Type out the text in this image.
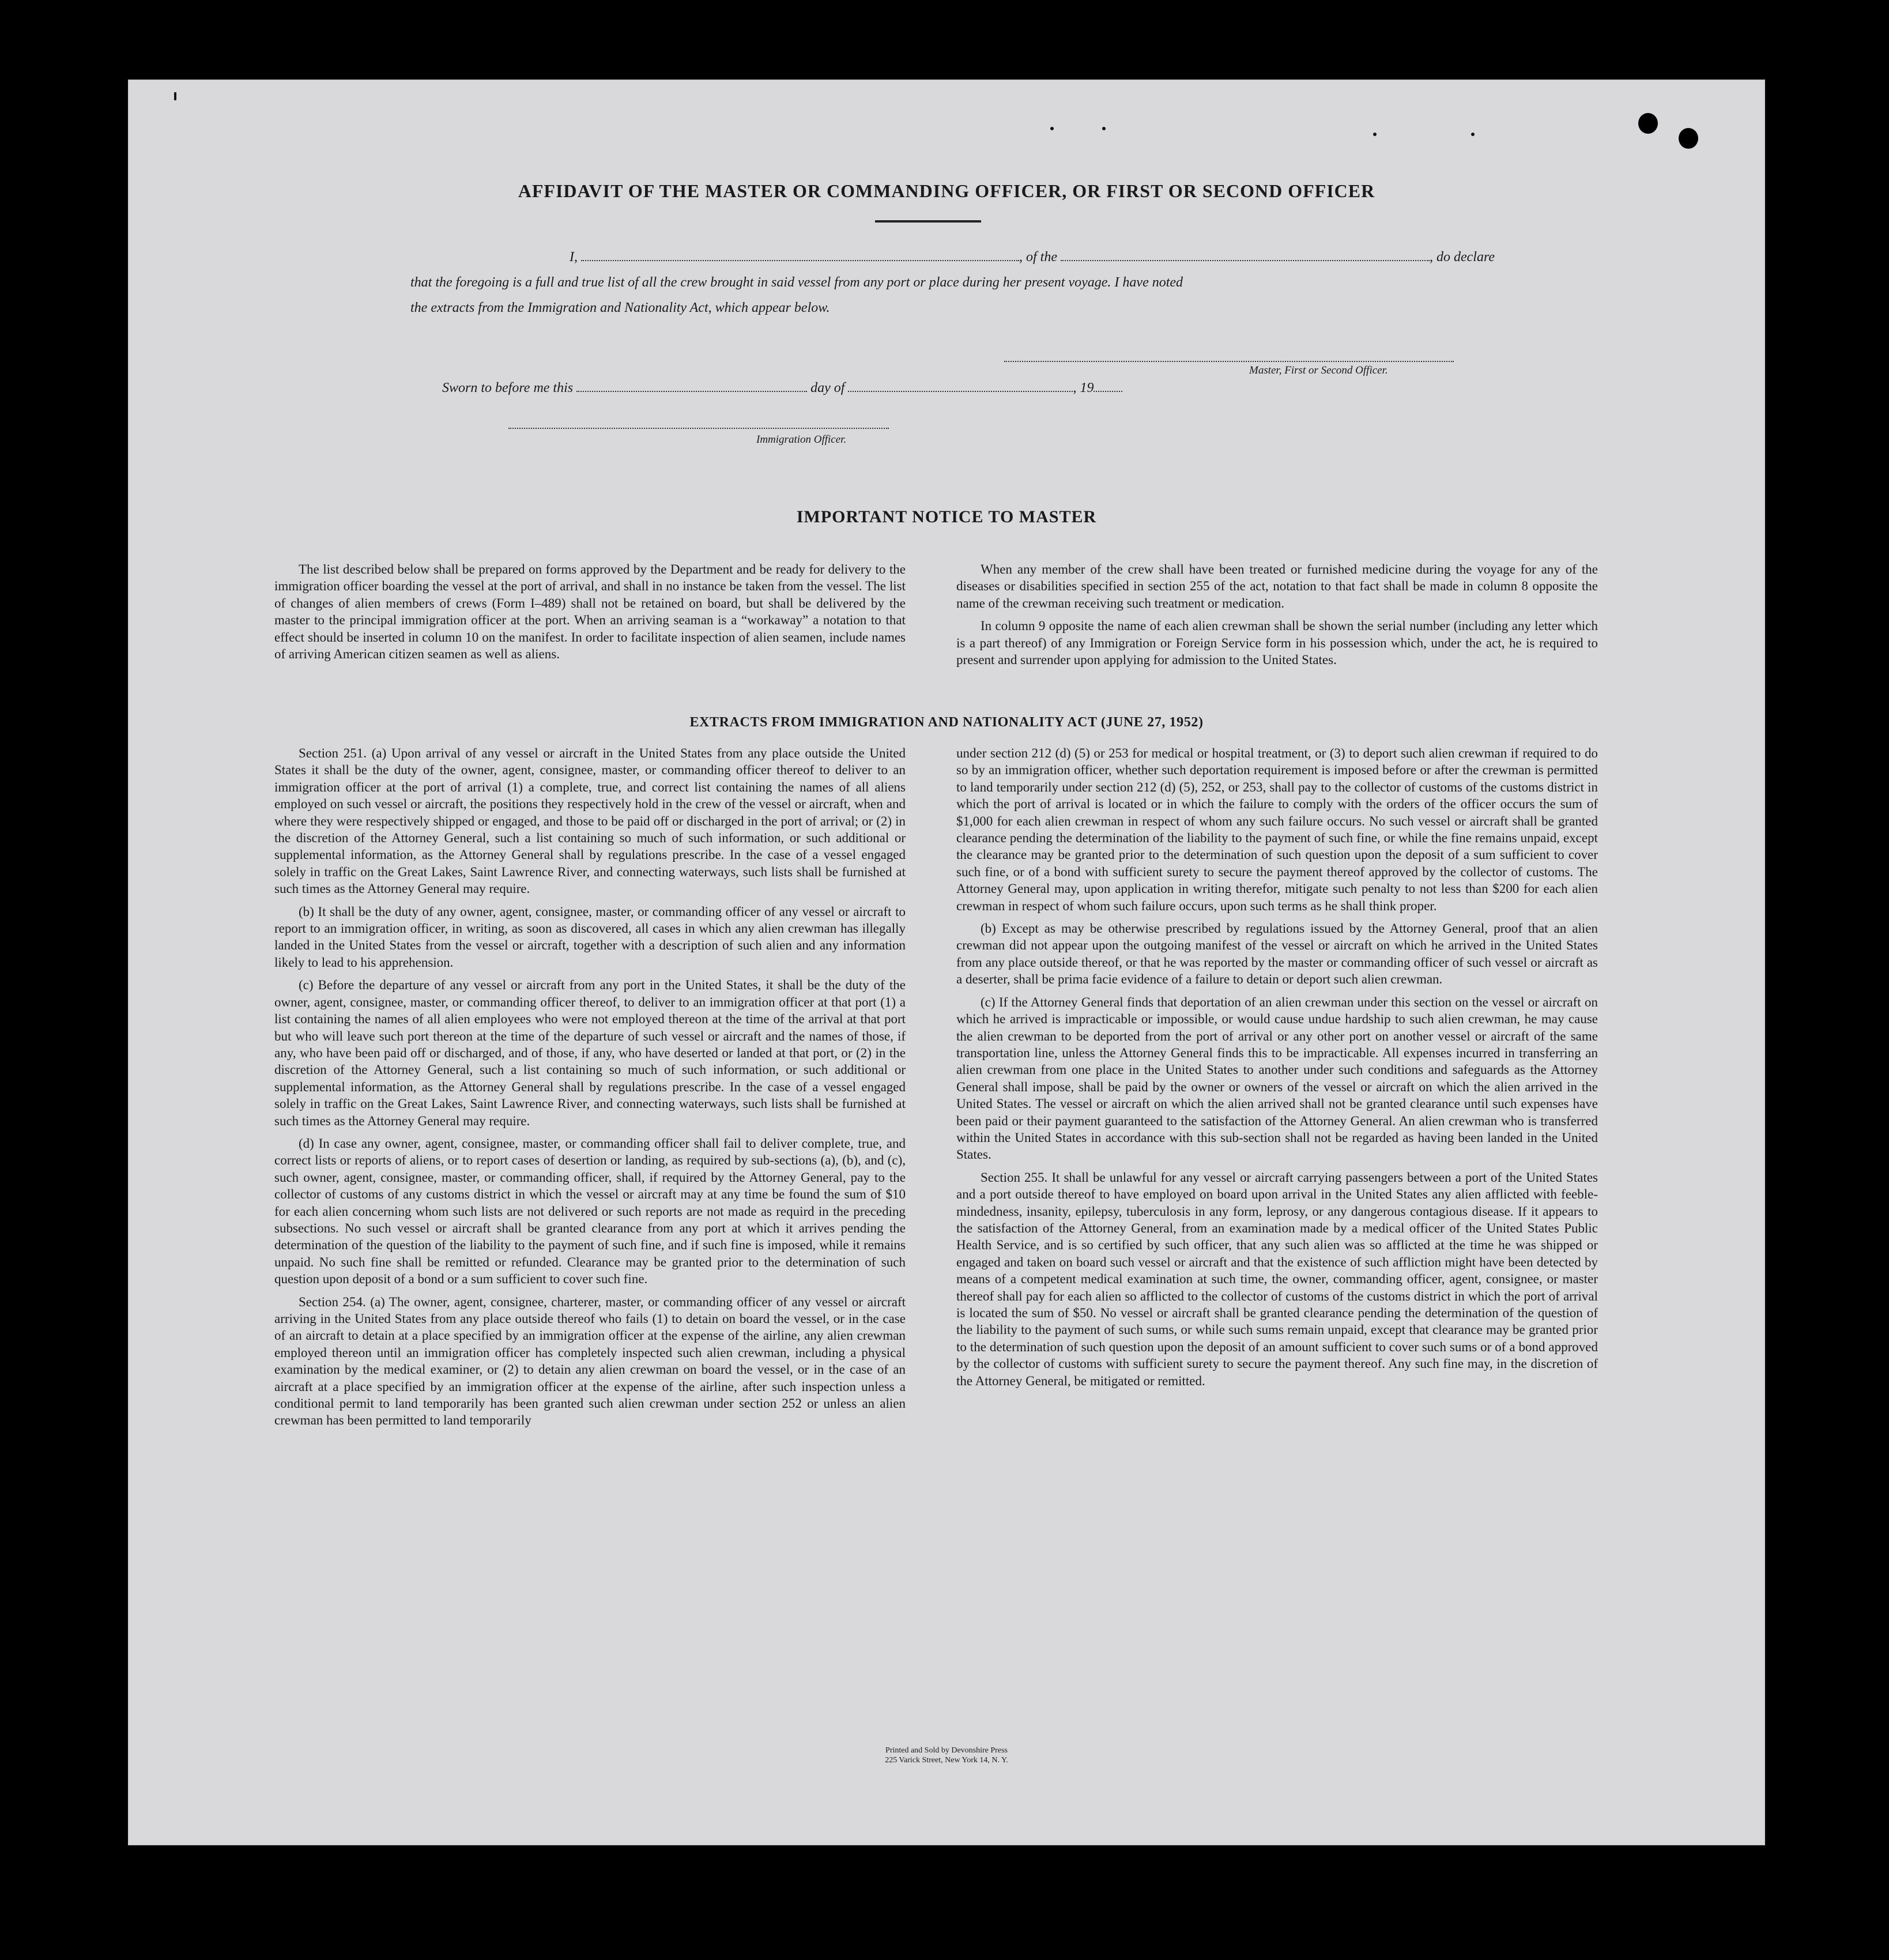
AFFIDAVIT OF THE MASTER OR COMMANDING OFFICER, OR FIRST OR SECOND OFFICER
I,	, of the	, do declare
that the foregoing is a full and true list of all the crew brought in said vessel from any port or place during her present voyage. I have noted
the extracts from the Immigration and Nationality Act, which appear below.
Master, First or Second Officer.
Sworn to before me this	day of	, 19
Immigration Officer.
IMPORTANT NOTICE TO MASTER

The list described below shall be prepared on forms approved by the Department and be ready for delivery to the immigration officer boarding the vessel at the port of arrival, and shall in no instance be taken from the vessel. The list of changes of alien members of crews (Form I–489) shall not be retained on board, but shall be delivered by the master to the principal immigration officer at the port. When an arriving seaman is a “workaway” a notation to that effect should be inserted in column 10 on the manifest. In order to facilitate inspection of alien seamen, include names of arriving American citizen seamen as well as aliens.

When any member of the crew shall have been treated or furnished medicine during the voyage for any of the diseases or disabilities specified in section 255 of the act, notation to that fact shall be made in column 8 opposite the name of the crewman receiving such treatment or medication.

In column 9 opposite the name of each alien crewman shall be shown the serial number (including any letter which is a part thereof) of any Immigration or Foreign Service form in his possession which, under the act, he is required to present and surrender upon applying for admission to the United States.

EXTRACTS FROM IMMIGRATION AND NATIONALITY ACT (JUNE 27, 1952)

Section 251. (a) Upon arrival of any vessel or aircraft in the United States from any place outside the United States it shall be the duty of the owner, agent, consignee, master, or commanding officer thereof to deliver to an immigration officer at the port of arrival (1) a complete, true, and correct list containing the names of all aliens employed on such vessel or aircraft, the positions they respectively hold in the crew of the vessel or aircraft, when and where they were respectively shipped or engaged, and those to be paid off or discharged in the port of arrival; or (2) in the discretion of the Attorney General, such a list containing so much of such information, or such additional or supplemental information, as the Attorney General shall by regulations prescribe. In the case of a vessel engaged solely in traffic on the Great Lakes, Saint Lawrence River, and connecting waterways, such lists shall be furnished at such times as the Attorney General may require.

(b) It shall be the duty of any owner, agent, consignee, master, or commanding officer of any vessel or aircraft to report to an immigration officer, in writing, as soon as discovered, all cases in which any alien crewman has illegally landed in the United States from the vessel or aircraft, together with a description of such alien and any information likely to lead to his apprehension.

(c) Before the departure of any vessel or aircraft from any port in the United States, it shall be the duty of the owner, agent, consignee, master, or commanding officer thereof, to deliver to an immigration officer at that port (1) a list containing the names of all alien employees who were not employed thereon at the time of the arrival at that port but who will leave such port thereon at the time of the departure of such vessel or aircraft and the names of those, if any, who have been paid off or discharged, and of those, if any, who have deserted or landed at that port, or (2) in the discretion of the Attorney General, such a list containing so much of such information, or such additional or supplemental information, as the Attorney General shall by regulations prescribe. In the case of a vessel engaged solely in traffic on the Great Lakes, Saint Lawrence River, and connecting waterways, such lists shall be furnished at such times as the Attorney General may require.

(d) In case any owner, agent, consignee, master, or commanding officer shall fail to deliver complete, true, and correct lists or reports of aliens, or to report cases of desertion or landing, as required by sub-sections (a), (b), and (c), such owner, agent, consignee, master, or commanding officer, shall, if required by the Attorney General, pay to the collector of customs of any customs district in which the vessel or aircraft may at any time be found the sum of $10 for each alien concerning whom such lists are not delivered or such reports are not made as requird in the preceding subsections. No such vessel or aircraft shall be granted clearance from any port at which it arrives pending the determination of the question of the liability to the payment of such fine, and if such fine is imposed, while it remains unpaid. No such fine shall be remitted or refunded. Clearance may be granted prior to the determination of such question upon deposit of a bond or a sum sufficient to cover such fine.

Section 254. (a) The owner, agent, consignee, charterer, master, or commanding officer of any vessel or aircraft arriving in the United States from any place outside thereof who fails (1) to detain on board the vessel, or in the case of an aircraft to detain at a place specified by an immigration officer at the expense of the airline, any alien crewman employed thereon until an immigration officer has completely inspected such alien crewman, including a physical examination by the medical examiner, or (2) to detain any alien crewman on board the vessel, or in the case of an aircraft at a place specified by an immigration officer at the expense of the airline, after such inspection unless a conditional permit to land temporarily has been granted such alien crewman under section 252 or unless an alien crewman has been permitted to land temporarily

under section 212 (d) (5) or 253 for medical or hospital treatment, or (3) to deport such alien crewman if required to do so by an immigration officer, whether such deportation requirement is imposed before or after the crewman is permitted to land temporarily under section 212 (d) (5), 252, or 253, shall pay to the collector of customs of the customs district in which the port of arrival is located or in which the failure to comply with the orders of the officer occurs the sum of $1,000 for each alien crewman in respect of whom any such failure occurs. No such vessel or aircraft shall be granted clearance pending the determination of the liability to the payment of such fine, or while the fine remains unpaid, except the clearance may be granted prior to the determination of such question upon the deposit of a sum sufficient to cover such fine, or of a bond with sufficient surety to secure the payment thereof approved by the collector of customs. The Attorney General may, upon application in writing therefor, mitigate such penalty to not less than $200 for each alien crewman in respect of whom such failure occurs, upon such terms as he shall think proper.

(b) Except as may be otherwise prescribed by regulations issued by the Attorney General, proof that an alien crewman did not appear upon the outgoing manifest of the vessel or aircraft on which he arrived in the United States from any place outside thereof, or that he was reported by the master or commanding officer of such vessel or aircraft as a deserter, shall be prima facie evidence of a failure to detain or deport such alien crewman.

(c) If the Attorney General finds that deportation of an alien crewman under this section on the vessel or aircraft on which he arrived is impracticable or impossible, or would cause undue hardship to such alien crewman, he may cause the alien crewman to be deported from the port of arrival or any other port on another vessel or aircraft of the same transportation line, unless the Attorney General finds this to be impracticable. All expenses incurred in transferring an alien crewman from one place in the United States to another under such conditions and safeguards as the Attorney General shall impose, shall be paid by the owner or owners of the vessel or aircraft on which the alien arrived in the United States. The vessel or aircraft on which the alien arrived shall not be granted clearance until such expenses have been paid or their payment guaranteed to the satisfaction of the Attorney General. An alien crewman who is transferred within the United States in accordance with this sub-section shall not be regarded as having been landed in the United States.

Section 255. It shall be unlawful for any vessel or aircraft carrying passengers between a port of the United States and a port outside thereof to have employed on board upon arrival in the United States any alien afflicted with feeble-mindedness, insanity, epilepsy, tuberculosis in any form, leprosy, or any dangerous contagious disease. If it appears to the satisfaction of the Attorney General, from an examination made by a medical officer of the United States Public Health Service, and is so certified by such officer, that any such alien was so afflicted at the time he was shipped or engaged and taken on board such vessel or aircraft and that the existence of such affliction might have been detected by means of a competent medical examination at such time, the owner, commanding officer, agent, consignee, or master thereof shall pay for each alien so afflicted to the collector of customs of the customs district in which the port of arrival is located the sum of $50. No vessel or aircraft shall be granted clearance pending the determination of the question of the liability to the payment of such sums, or while such sums remain unpaid, except that clearance may be granted prior to the determination of such question upon the deposit of an amount sufficient to cover such sums or of a bond approved by the collector of customs with sufficient surety to secure the payment thereof. Any such fine may, in the discretion of the Attorney General, be mitigated or remitted.

Printed and Sold by Devonshire Press
225 Varick Street, New York 14, N. Y.
